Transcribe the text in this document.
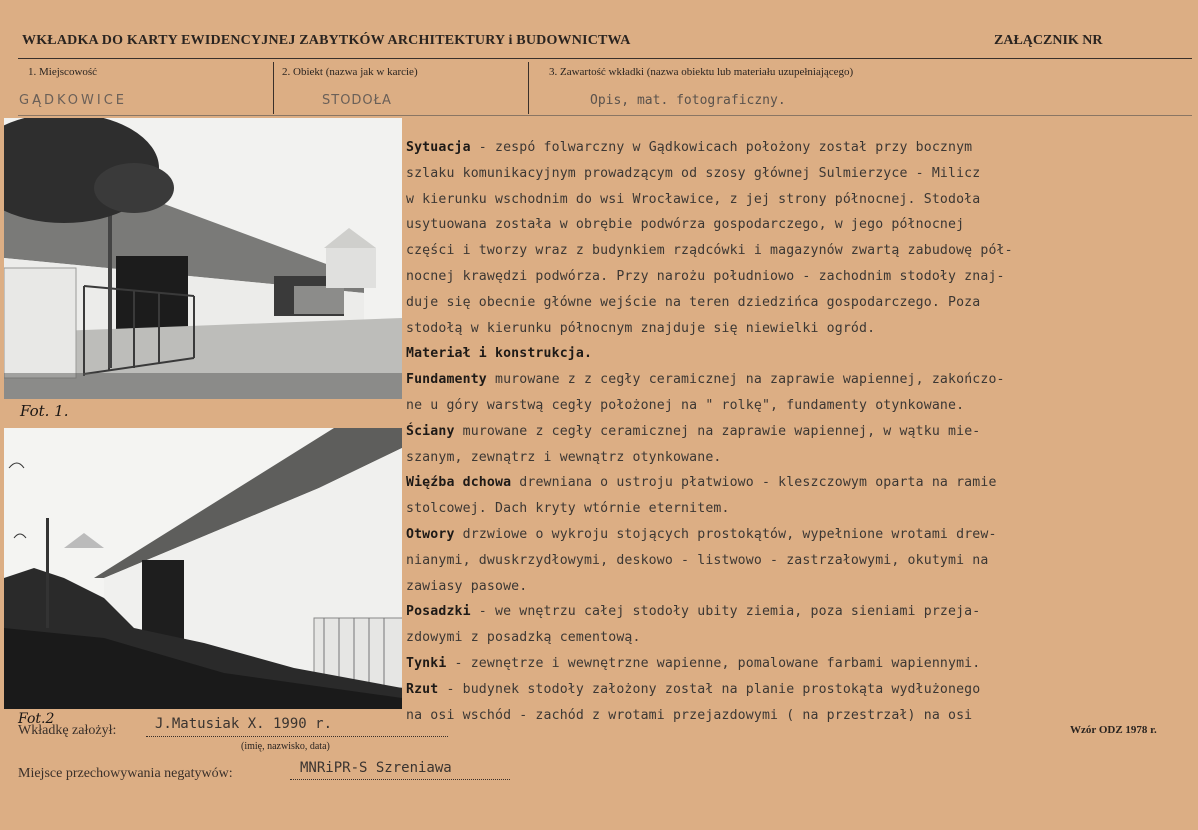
WKŁADKA DO KARTY EWIDENCYJNEJ ZABYTKÓW ARCHITEKTURY i BUDOWNICTWA	ZAŁĄCZNIK NR
1. Miejscowość	2. Obiekt (nazwa jak w karcie)	3. Zawartość wkładki (nazwa obiektu lub materiału uzupełniającego)
GĄDKOWICE	STODOŁA	Opis, mat. fotograficzny.
Fot. 1.
Fot.2
Sytuacja - zespó folwarczny w Gądkowicach położony został przy bocznym
szlaku komunikacyjnym prowadzącym od szosy głównej Sulmierzyce - Milicz
w kierunku wschodnim do wsi Wrocławice, z jej strony północnej. Stodoła
usytuowana została w obrębie podwórza gospodarczego, w jego północnej
części i tworzy wraz z budynkiem rządcówki i magazynów zwartą zabudowę pół-
nocnej krawędzi podwórza. Przy narożu południowo - zachodnim stodoły znaj-
duje się obecnie główne wejście na teren dziedzińca gospodarczego. Poza
stodołą w kierunku północnym znajduje się niewielki ogród.
Materiał i konstrukcja.
Fundamenty murowane z z cegły ceramicznej na zaprawie wapiennej, zakończo-
ne u góry warstwą cegły położonej na " rolkę", fundamenty otynkowane.
Ściany murowane z cegły ceramicznej na zaprawie wapiennej, w wątku mie-
szanym, zewnątrz i wewnątrz otynkowane.
Więźba dchowa drewniana o ustroju płatwiowo - kleszczowym oparta na ramie
stolcowej. Dach kryty wtórnie eternitem.
Otwory drzwiowe o wykroju stojących prostokątów, wypełnione wrotami drew-
nianymi, dwuskrzydłowymi, deskowo - listwowo - zastrzałowymi, okutymi na
zawiasy pasowe.
Posadzki - we wnętrzu całej stodoły ubity ziemia, poza sieniami przeja-
zdowymi z posadzką cementową.
Tynki - zewnętrze i wewnętrzne wapienne, pomalowane farbami wapiennymi.
Rzut - budynek stodoły założony został na planie prostokąta wydłużonego
na osi wschód - zachód z wrotami przejazdowymi ( na przestrzał) na osi
Wkładkę założył:	J.Matusiak X. 1990 r.
(imię, nazwisko, data)
Wzór ODZ 1978 r.
Miejsce przechowywania negatywów:	MNRiPR-S Szreniawa
